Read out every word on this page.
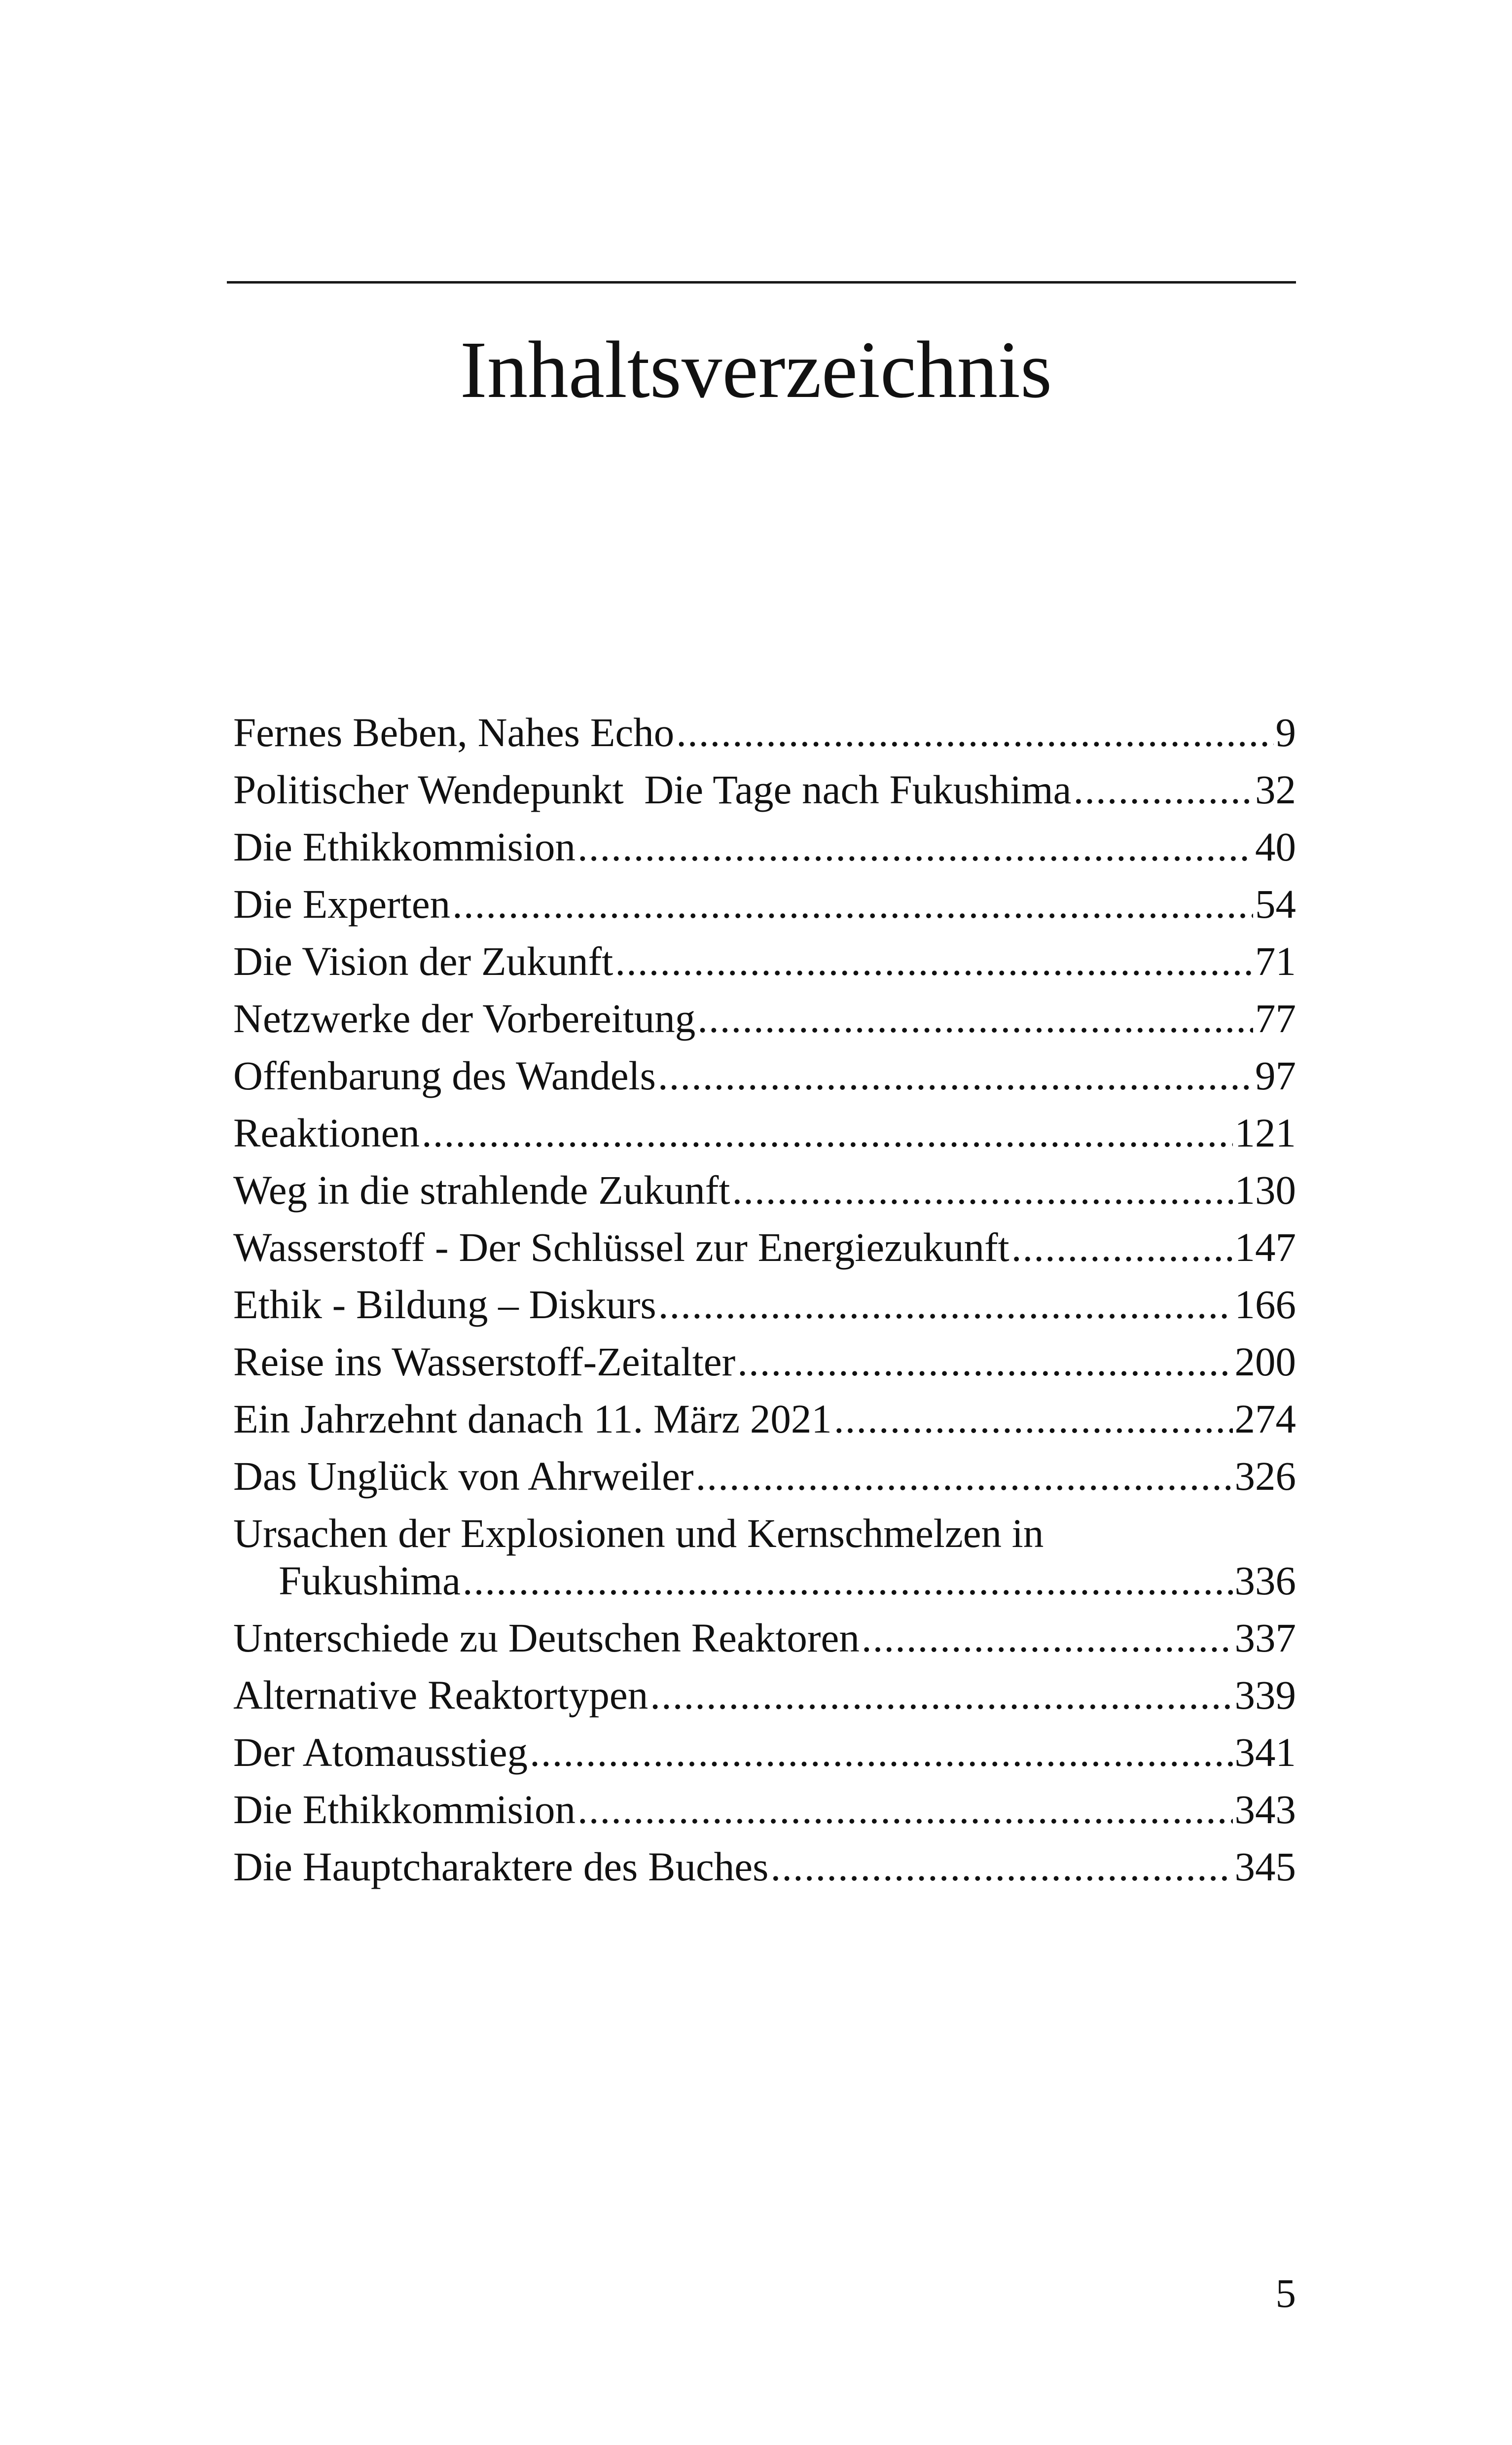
Inhaltsverzeichnis
Fernes Beben, Nahes Echo .....	9
Politischer Wendepunkt  Die Tage nach Fukushima .....	32
Die Ethikkommision .....	40
Die Experten .....	54
Die Vision der Zukunft .....	71
Netzwerke der Vorbereitung .....	77
Offenbarung des Wandels .....	97
Reaktionen .....	121
Weg in die strahlende Zukunft .....	130
Wasserstoff - Der Schlüssel zur Energiezukunft .....	147
Ethik - Bildung – Diskurs .....	166
Reise ins Wasserstoff-Zeitalter .....	200
Ein Jahrzehnt danach 11. März 2021 .....	274
Das Unglück von Ahrweiler .....	326
Ursachen der Explosionen und Kernschmelzen in
Fukushima .....	336
Unterschiede zu Deutschen Reaktoren .....	337
Alternative Reaktortypen .....	339
Der Atomausstieg .....	341
Die Ethikkommision .....	343
Die Hauptcharaktere des Buches .....	345
5
